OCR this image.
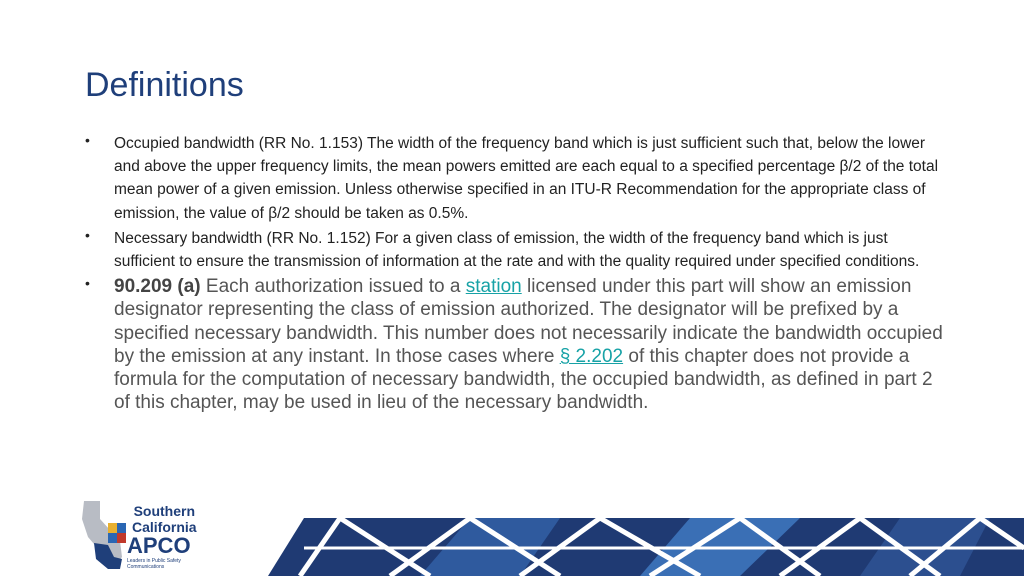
Definitions
• Occupied bandwidth (RR No. 1.153) The width of the frequency band which is just sufficient such that, below the lower and above the upper frequency limits, the mean powers emitted are each equal to a specified percentage β/2 of the total mean power of a given emission. Unless otherwise specified in an ITU-R Recommendation for the appropriate class of emission, the value of β/2 should be taken as 0.5%.
• Necessary bandwidth (RR No. 1.152) For a given class of emission, the width of the frequency band which is just sufficient to ensure the transmission of information at the rate and with the quality required under specified conditions.
• 90.209 (a) Each authorization issued to a station licensed under this part will show an emission designator representing the class of emission authorized. The designator will be prefixed by a specified necessary bandwidth. This number does not necessarily indicate the bandwidth occupied by the emission at any instant. In those cases where § 2.202 of this chapter does not provide a formula for the computation of necessary bandwidth, the occupied bandwidth, as defined in part 2 of this chapter, may be used in lieu of the necessary bandwidth.
Southern
California
APCO
Leaders in Public Safety Communications
